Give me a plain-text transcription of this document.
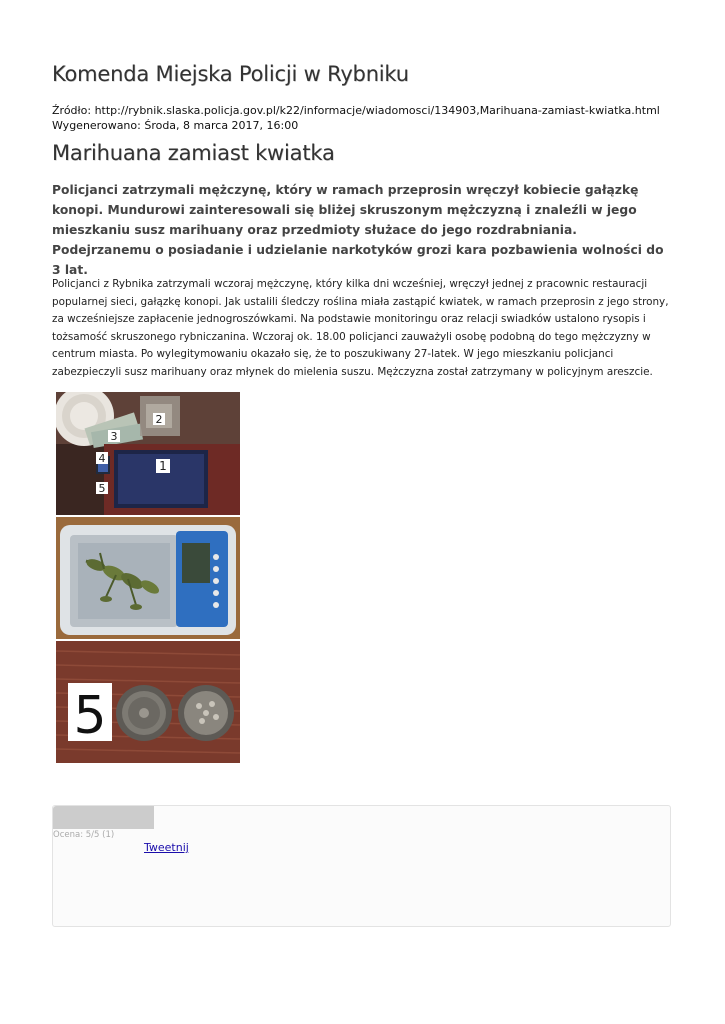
Komenda Miejska Policji w Rybniku
Źródło: http://rybnik.slaska.policja.gov.pl/k22/informacje/wiadomosci/134903,Marihuana-zamiast-kwiatka.html
Wygenerowano: Środa, 8 marca 2017, 16:00
Marihuana zamiast kwiatka

Policjanci zatrzymali mężczynę, który w ramach przeprosin wręczył kobiecie gałązkę konopi. Mundurowi zainteresowali się bliżej skruszonym mężczyzną i znaleźli w jego mieszkaniu susz marihuany oraz przedmioty służace do jego rozdrabniania. Podejrzanemu o posiadanie i udzielanie narkotyków grozi kara pozbawienia wolności do 3 lat.

Policjanci z Rybnika zatrzymali wczoraj mężczynę, który kilka dni wcześniej, wręczył jednej z pracownic restauracji popularnej sieci, gałązkę konopi. Jak ustalili śledczy roślina miała zastąpić kwiatek, w ramach przeprosin z jego strony, za wcześniejsze zapłacenie jednogroszówkami. Na podstawie monitoringu oraz relacji swiadków ustalono rysopis i tożsamość skruszonego rybniczanina. Wczoraj ok. 18.00 policjanci zauważyli osobę podobną do tego mężczyzny w centrum miasta. Po wylegitymowaniu okazało się, że to poszukiwany 27-latek. W jego mieszkaniu policjanci zabezpieczyli susz marihuany oraz młynek do mielenia suszu. Mężczyzna został zatrzymany w policyjnym areszcie.

2
3
1
4
5
5
Ocena: 5/5 (1)
Tweetnij
